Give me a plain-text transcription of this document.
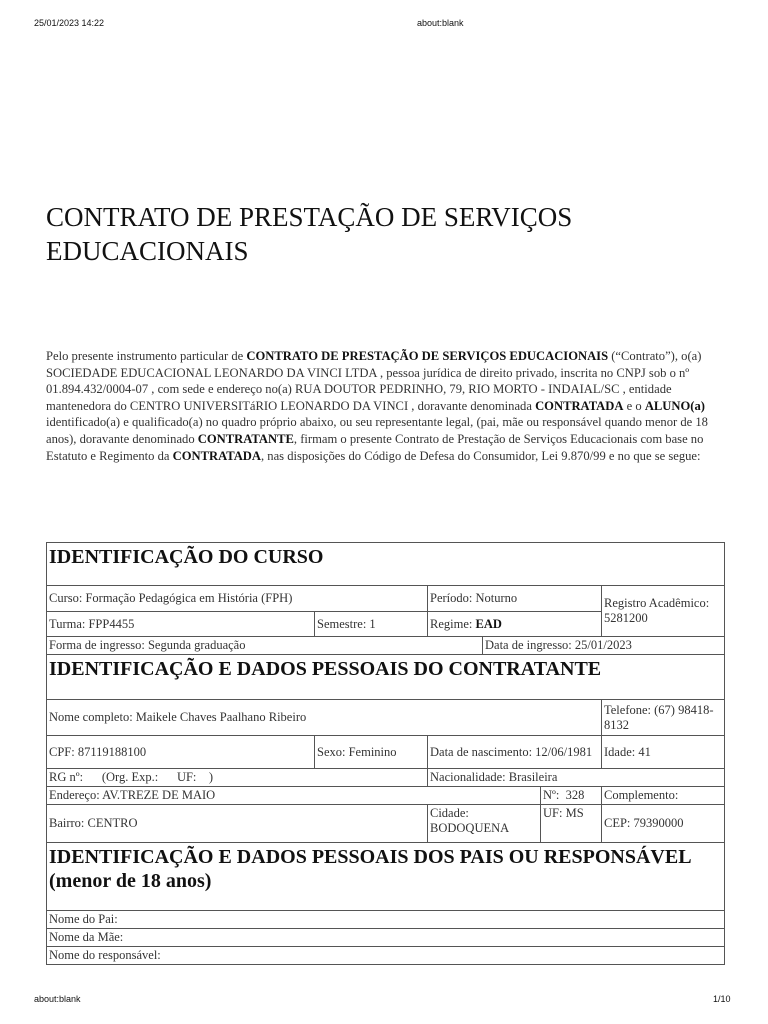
25/01/2023 14:22	about:blank
CONTRATO DE PRESTAÇÃO DE SERVIÇOS EDUCACIONAIS

Pelo presente instrumento particular de CONTRATO DE PRESTAÇÃO DE SERVIÇOS EDUCACIONAIS (“Contrato”), o(a) SOCIEDADE EDUCACIONAL LEONARDO DA VINCI LTDA , pessoa jurídica de direito privado, inscrita no CNPJ sob o nº 01.894.432/0004-07 , com sede e endereço no(a) RUA DOUTOR PEDRINHO, 79, RIO MORTO - INDAIAL/SC , entidade mantenedora do CENTRO UNIVERSITáRIO LEONARDO DA VINCI , doravante denominada CONTRATADA e o ALUNO(a) identificado(a) e qualificado(a) no quadro próprio abaixo, ou seu representante legal, (pai, mãe ou responsável quando menor de 18 anos), doravante denominado CONTRATANTE, firmam o presente Contrato de Prestação de Serviços Educacionais com base no Estatuto e Regimento da CONTRATADA, nas disposições do Código de Defesa do Consumidor, Lei 9.870/99 e no que se segue:

IDENTIFICAÇÃO DO CURSO					
Curso: Formação Pedagógica em História (FPH)		Período: Noturno			Registro Acadêmico: 5281200
Turma: FPP4455	Semestre: 1	Regime: EAD			
Forma de ingresso: Segunda graduação			Data de ingresso: 25/01/2023		
IDENTIFICAÇÃO E DADOS PESSOAIS DO CONTRATANTE					
Nome completo: Maikele Chaves Paalhano Ribeiro					Telefone: (67) 98418-8132
CPF: 87119188100	Sexo: Feminino	Data de nascimento: 12/06/1981			Idade: 41
RG nº:      (Org. Exp.:      UF:    )		Nacionalidade: Brasileira			
Endereço: AV.TREZE DE MAIO				Nº:  328	Complemento:
Bairro: CENTRO		Cidade: BODOQUENA		UF: MS	CEP: 79390000
IDENTIFICAÇÃO E DADOS PESSOAIS DOS PAIS OU RESPONSÁVEL (menor de 18 anos)					
Nome do Pai:					
Nome da Mãe:					
Nome do responsável:					
about:blank	1/10
